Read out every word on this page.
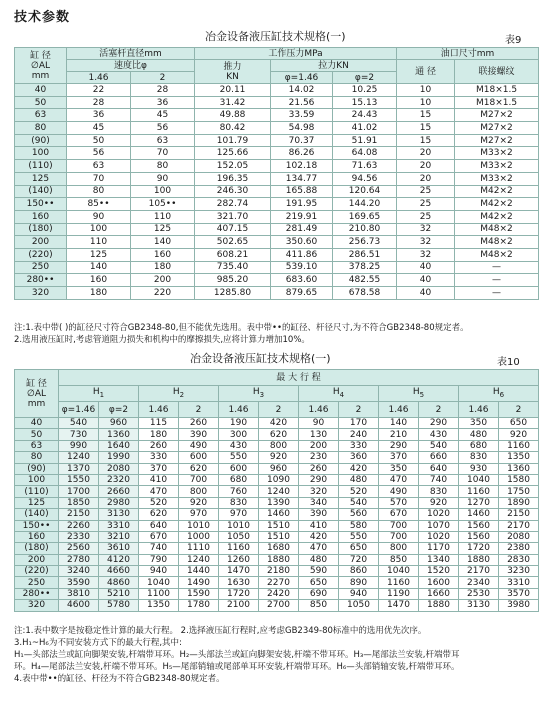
技术参数
冶金设备液压缸技术规格(一)	表9
缸 径
∅AL
mm	活塞杆直径mm		工作压力MPa			油口尺寸mm	
	速度比φ		推力
KN	拉力KN		通 径	联接螺纹
	1.46	2		φ=1.46	φ=2		
40	22	28	20.11	14.02	10.25	10	M18×1.5
50	28	36	31.42	21.56	15.13	10	M18×1.5
63	36	45	49.88	33.59	24.43	15	M27×2
80	45	56	80.42	54.98	41.02	15	M27×2
(90)	50	63	101.79	70.37	51.91	15	M27×2
100	56	70	125.66	86.26	64.08	20	M33×2
(110)	63	80	152.05	102.18	71.63	20	M33×2
125	70	90	196.35	134.77	94.56	20	M33×2
(140)	80	100	246.30	165.88	120.64	25	M42×2
150••	85••	105••	282.74	191.95	144.20	25	M42×2
160	90	110	321.70	219.91	169.65	25	M42×2
(180)	100	125	407.15	281.49	210.80	32	M48×2
200	110	140	502.65	350.60	256.73	32	M48×2
(220)	125	160	608.21	411.86	286.51	32	M48×2
250	140	180	735.40	539.10	378.25	40	—
280••	160	200	985.20	683.60	482.55	40	—
320	180	220	1285.80	879.65	678.58	40	—
注:1.表中带( )的缸径尺寸符合GB2348-80,但不能优先选用。表中带••的缸径、杆径尺寸,为不符合GB2348-80规定者。
2.选用液压缸时,考虑管道阻力损失和机构中的摩擦损失,应将计算力增加10%。
冶金设备液压缸技术规格(一)	表10
缸 径
∅AL
mm	最 大 行 程											
	$H_1$		$H_2$		$H_3$		$H_4$		$H_5$		$H_6$
	φ=1.46	φ=2	1.46	2	1.46	2	1.46	2	1.46	2	1.46	2
40	540	960	115	260	190	420	90	170	140	290	350	650
50	730	1360	180	390	300	620	130	240	210	430	480	920
63	990	1640	260	490	430	800	200	330	290	540	680	1160
80	1240	1990	330	600	550	920	230	360	370	660	830	1350
(90)	1370	2080	370	620	600	960	260	420	350	640	930	1360
100	1550	2320	410	700	680	1090	290	480	470	740	1040	1580
(110)	1700	2660	470	800	760	1240	320	520	490	830	1160	1750
125	1850	2980	520	920	830	1390	340	540	570	920	1270	1890
(140)	2150	3130	620	970	970	1460	390	560	670	1020	1460	2150
150••	2260	3310	640	1010	1010	1510	410	580	700	1070	1560	2170
160	2330	3210	670	1000	1050	1510	420	550	700	1020	1560	2080
(180)	2560	3610	740	1110	1160	1680	470	650	800	1170	1720	2380
200	2780	4120	790	1240	1260	1880	480	720	850	1340	1880	2830
(220)	3240	4660	940	1440	1470	2180	590	860	1040	1520	2170	3230
250	3590	4860	1040	1490	1630	2270	650	890	1160	1600	2340	3310
280••	3810	5210	1100	1590	1720	2420	690	940	1190	1660	2530	3570
320	4600	5780	1350	1780	2100	2700	850	1050	1470	1880	3130	3980
注:1.表中数字是按稳定性计算的最大行程。 2.选择液压缸行程时,应考虑GB2349-80标准中的选用优先次序。
3.H₁~H₆为不同安装方式下的最大行程,其中:
H₁—头部法兰或缸向脚架安装,杆端带耳环。H₂—头部法兰或缸向脚架安装,杆端不带耳环。H₃—尾部法兰安装,杆端带耳
环。H₄—尾部法兰安装,杆端不带耳环。H₅—尾部销轴或尾部单耳环安装,杆端带耳环。H₆—头部销轴安装,杆端带耳环。
4.表中带••的缸径、杆径为不符合GB2348-80规定者。
